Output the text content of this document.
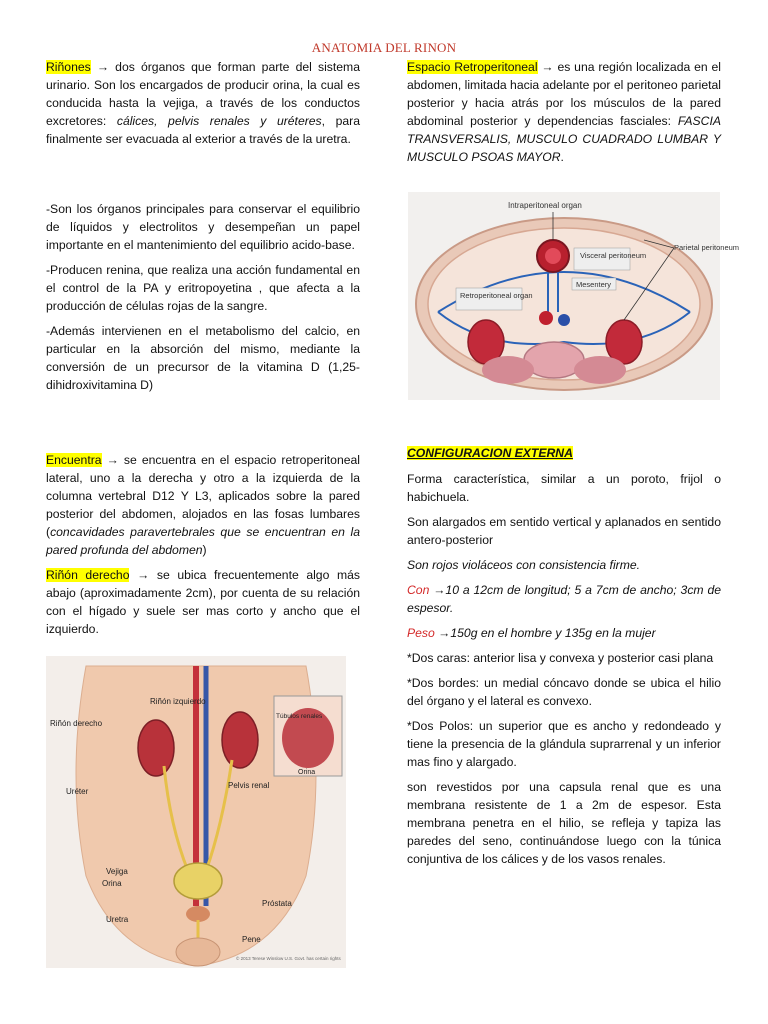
ANATOMIA DEL RINON

Riñones → dos órganos que forman parte del sistema urinario. Son los encargados de producir orina, la cual es conducida hasta la vejiga, a través de los conductos excretores: cálices, pelvis renales y uréteres, para finalmente ser evacuada al exterior a través de la uretra.

-Son los órganos principales para conservar el equilibrio de líquidos y electrolitos y desempeñan un papel importante en el mantenimiento del equilibrio acido-base.

-Producen renina, que realiza una acción fundamental en el control de la PA y eritropoyetina , que afecta a la producción de células rojas de la sangre.

-Además intervienen en el metabolismo del calcio, en particular en la absorción del mismo, mediante la conversión de un precursor de la vitamina D (1,25-dihidroxivitamina D)

Encuentra → se encuentra en el espacio retroperitoneal lateral, uno a la derecha y otro a la izquierda de la columna vertebral D12 Y L3, aplicados sobre la pared posterior del abdomen, alojados en las fosas lumbares (concavidades paravertebrales que se encuentran en la pared profunda del abdomen)

Riñón derecho → se ubica frecuentemente algo más abajo (aproximadamente 2cm), por cuenta de su relación con el hígado y suele ser mas corto y ancho que el izquierdo.

Espacio Retroperitoneal → es una región localizada en el abdomen, limitada hacia adelante por el peritoneo parietal posterior y hacia atrás por los músculos de la pared abdominal posterior y dependencias fasciales: FASCIA TRANSVERSALIS, MUSCULO CUADRADO LUMBAR Y MUSCULO PSOAS MAYOR.

Intraperitoneal organ
Visceral peritoneum
Parietal peritoneum
Mesentery
Retroperitoneal organ

CONFIGURACION EXTERNA

Forma característica, similar a un poroto, frijol o habichuela.

Son alargados em sentido vertical y aplanados en sentido antero-posterior

Son rojos violáceos con consistencia firme.

Con →10 a 12cm de longitud; 5 a 7cm de ancho; 3cm de espesor.

Peso →150g en el hombre y 135g en la mujer

*Dos caras: anterior lisa y convexa y posterior casi plana

*Dos bordes: un medial cóncavo donde se ubica el hilio del órgano y el lateral es convexo.

*Dos Polos: un superior que es ancho y redondeado y tiene la presencia de la glándula suprarrenal y un inferior mas fino y alargado.

son revestidos por una capsula renal que es una membrana resistente de 1 a 2m de espesor. Esta membrana penetra en el hilio, se refleja y tapiza las paredes del seno, continuándose luego con la túnica conjuntiva de los cálices y de los vasos renales.

Riñón izquierdo
Riñón derecho
Túbulos renales
Orina
Uréter
Pelvis renal
Vejiga
Orina
Próstata
Uretra
Pene
© 2013 Terese Winslow U.S. Govt. has certain rights
